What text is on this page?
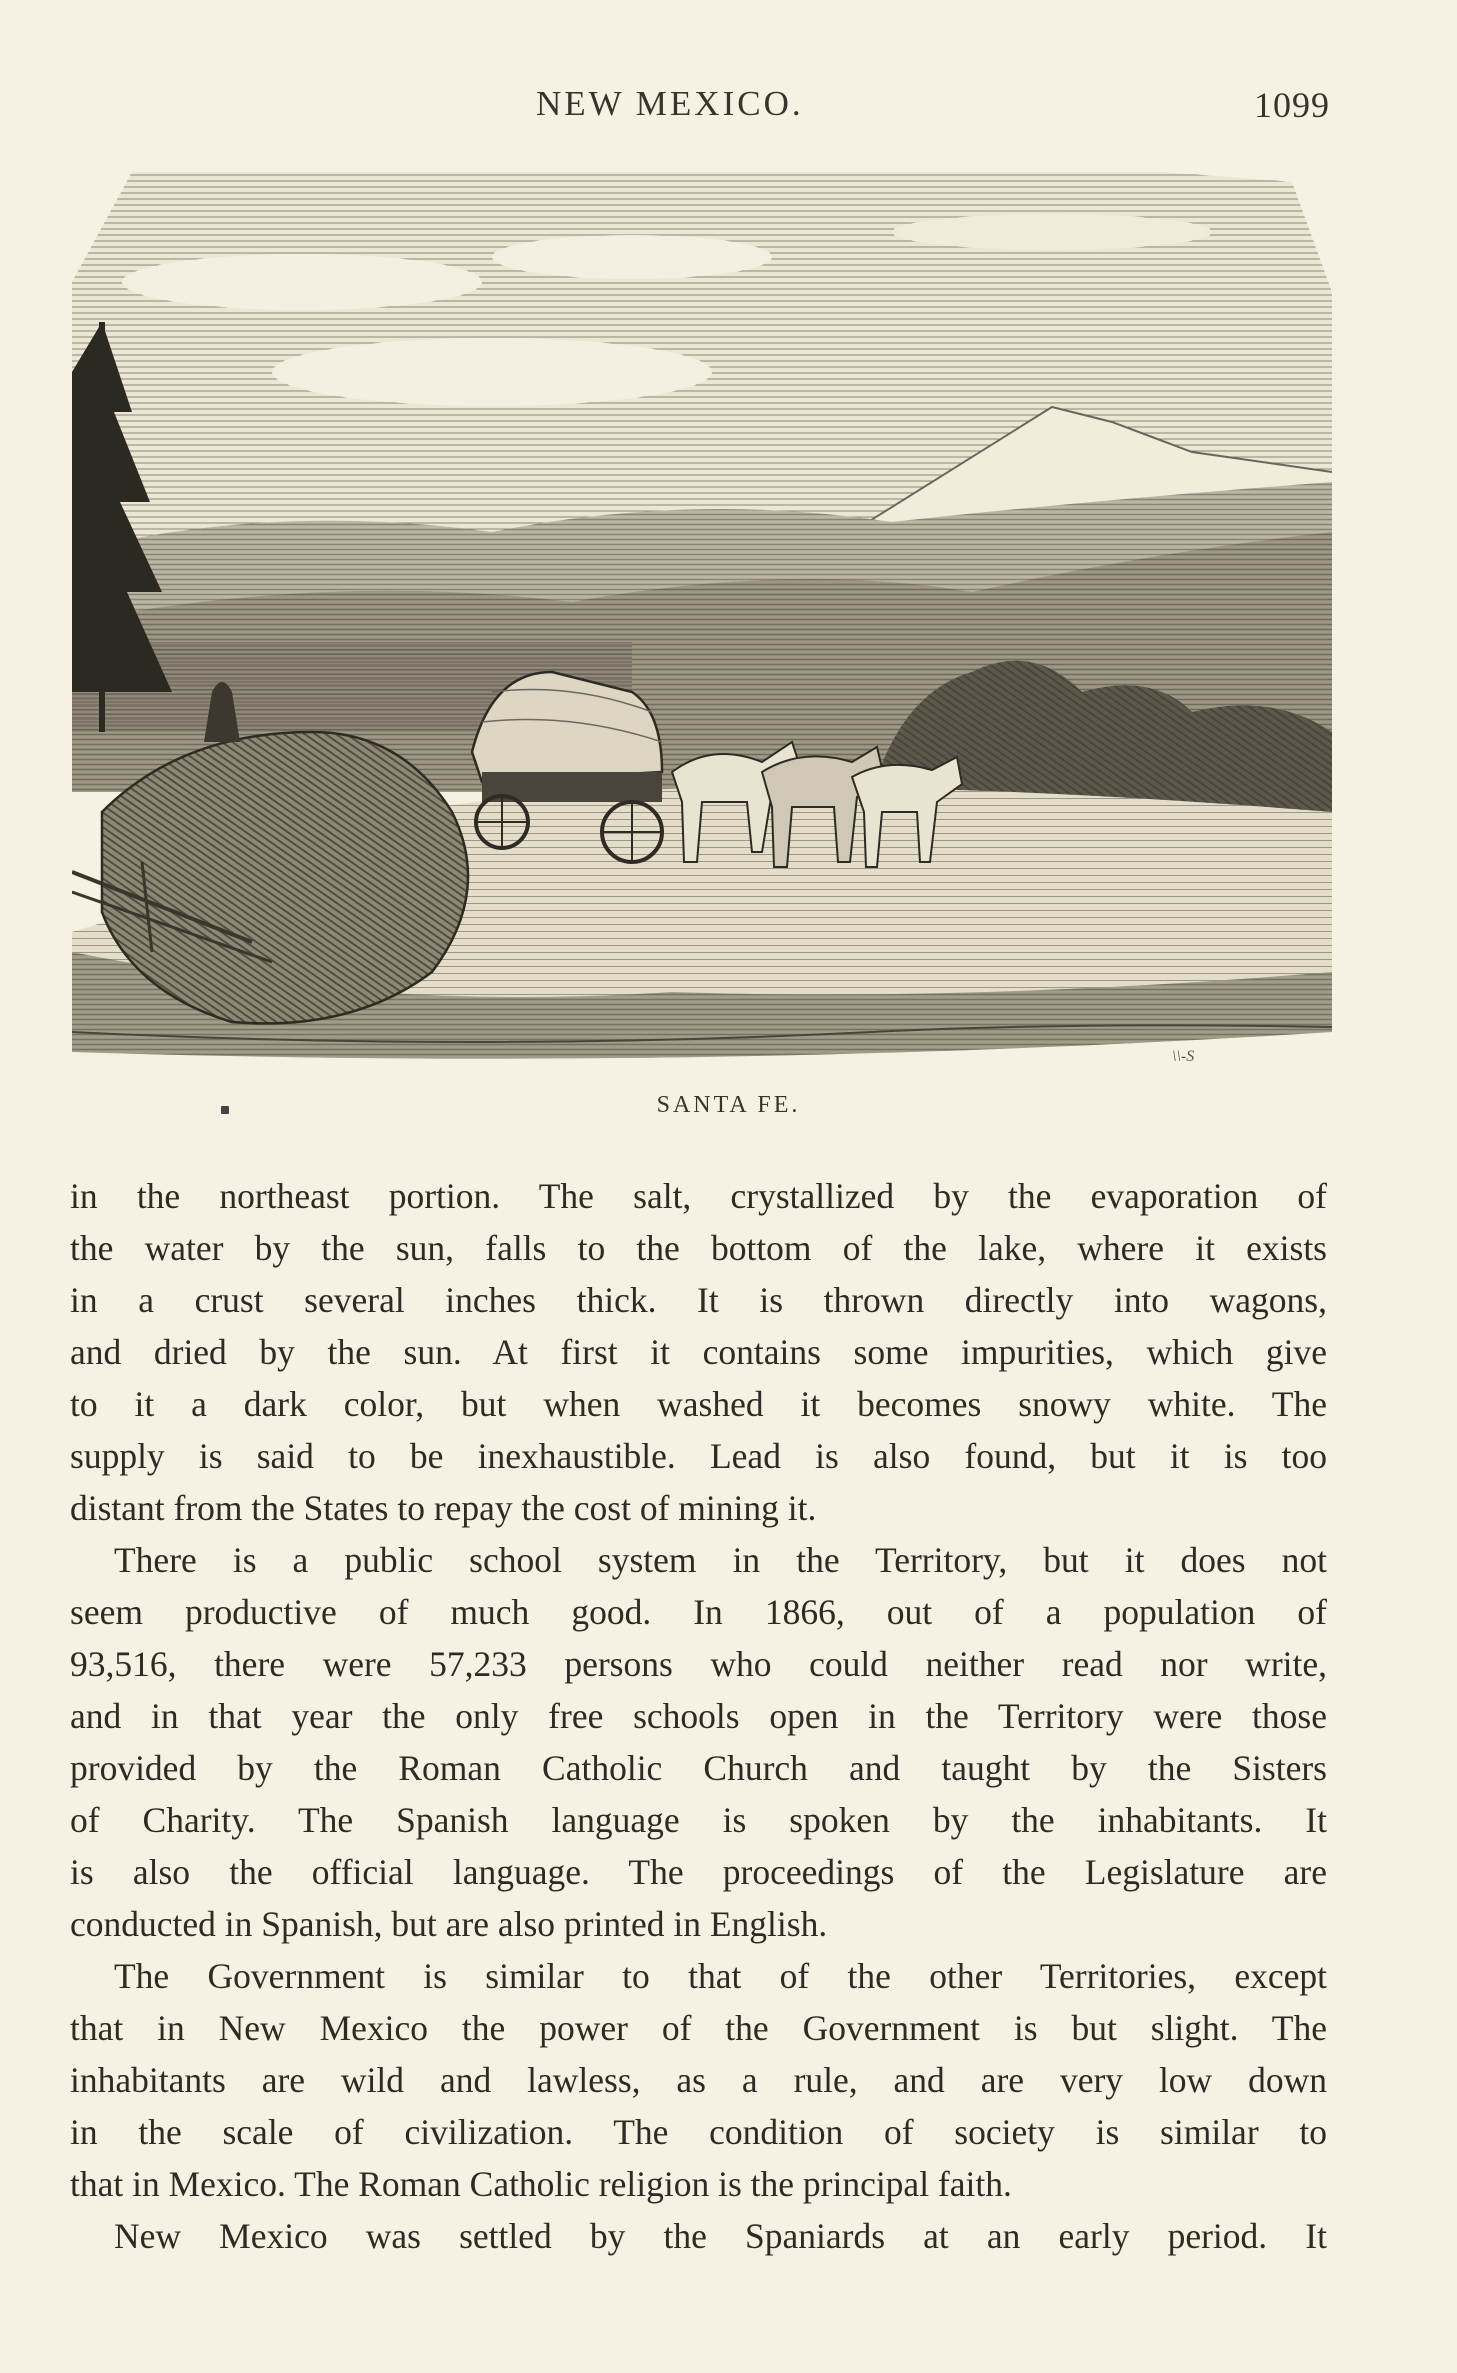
NEW MEXICO.	1099
\\-S
SANTA FE.
in the northeast portion. The salt, crystallized by the evaporation of
the water by the sun, falls to the bottom of the lake, where it exists
in a crust several inches thick. It is thrown directly into wagons,
and dried by the sun. At first it contains some impurities, which give
to it a dark color, but when washed it becomes snowy white. The
supply is said to be inexhaustible. Lead is also found, but it is too
distant from the States to repay the cost of mining it.
There is a public school system in the Territory, but it does not
seem productive of much good. In 1866, out of a population of
93,516, there were 57,233 persons who could neither read nor write,
and in that year the only free schools open in the Territory were those
provided by the Roman Catholic Church and taught by the Sisters
of Charity. The Spanish language is spoken by the inhabitants. It
is also the official language. The proceedings of the Legislature are
conducted in Spanish, but are also printed in English.
The Government is similar to that of the other Territories, except
that in New Mexico the power of the Government is but slight. The
inhabitants are wild and lawless, as a rule, and are very low down
in the scale of civilization. The condition of society is similar to
that in Mexico. The Roman Catholic religion is the principal faith.
New Mexico was settled by the Spaniards at an early period. It
